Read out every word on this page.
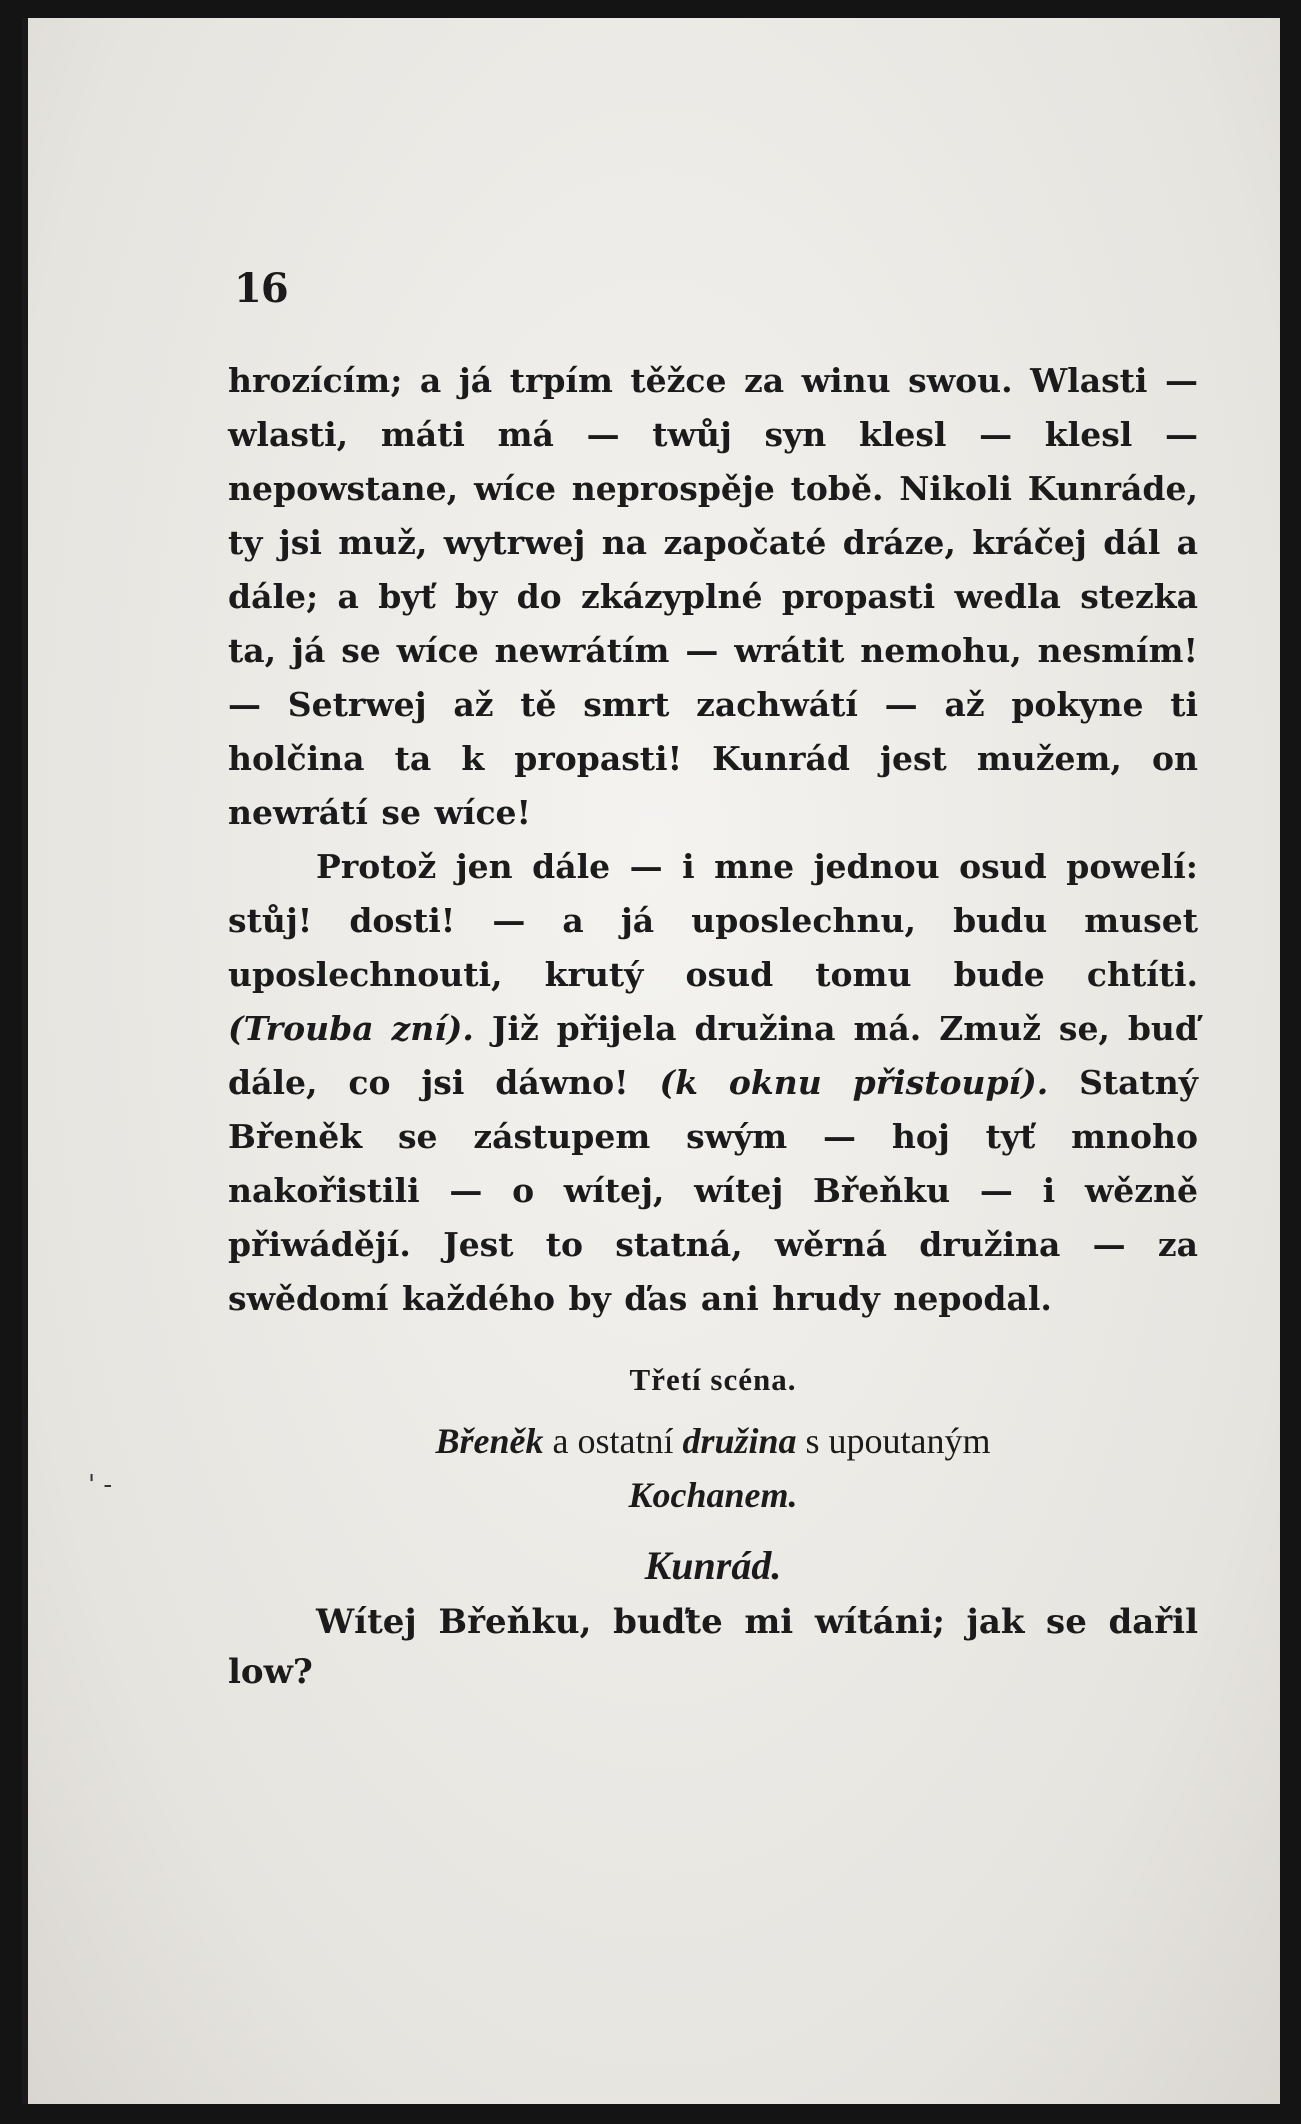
' -
16

hrozícím; a já trpím těžce za winu swou. Wlasti — wlasti, máti má — twůj syn klesl — klesl — nepowstane, wíce neprospěje tobě. Nikoli Kunráde, ty jsi muž, wytrwej na započaté dráze, kráčej dál a dále; a byť by do zkázyplné propasti wedla stezka ta, já se wíce newrátím — wrátit nemohu, nesmím! — Setrwej až tě smrt zachwátí — až pokyne ti holčina ta k propasti! Kunrád jest mužem, on newrátí se wíce!

Protož jen dále — i mne jednou osud powelí: stůj! dosti! — a já uposlechnu, budu muset uposlechnouti, krutý osud tomu bude chtíti. (Trouba zní). Již přijela družina má. Zmuž se, buď dále, co jsi dáwno! (k oknu přistoupí). Statný Břeněk se zástupem swým — hoj tyť mnoho nakořistili — o wítej, wítej Břeňku — i wězně přiwádějí. Jest to statná, wěrná družina — za swědomí každého by ďas ani hrudy nepodal.

Třetí scéna.
Břeněk a ostatní družina s upoutaným
Kochanem.
Kunrád.

Wítej Břeňku, buďte mi wítáni; jak se dařil low?
